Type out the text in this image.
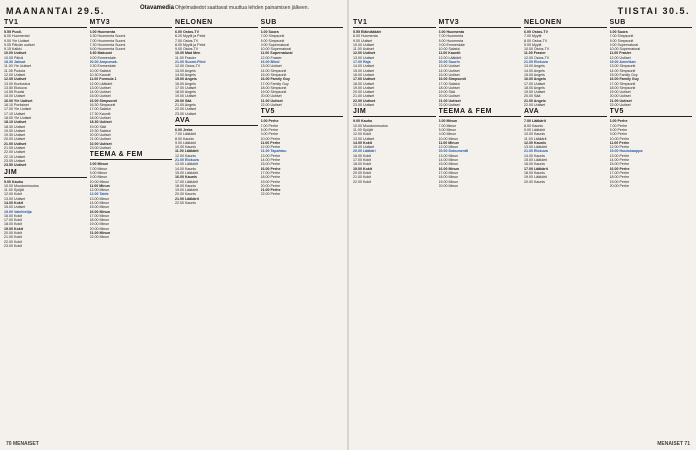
MAANANTAI 29.5.	Otavamedia Ohjelmatiedot saattavat muuttua lehden painamisen jälkeen.
TV1
5.55 Puoli.
6.00 Huomenta!
9.00 Yle Uutiset
9.05 Päivän uutiset
9.15 Kaikki
10.00 Uutiset
10.05 Päivä
18.30 Jaksot
11.00 Yle Uutiset
11.05 Pudota
12.00 Uutiset
12.05 Uutiset
13.00 Kuntoutus
13.50 Elokuva
14.55 Ruotsi
15.00 Uutiset
16.00 Yle Uutiset
16.10 Porilaiset
17.00 Yle Uutiset
17.10 Uutiset
18.00 Yle Uutiset
18.10 Uutiset
18.30 Uutiset
19.00 Uutiset
19.30 Uutiset
20.00 Uutiset
21.00 Uutiset
21.05 Uutiset
22.00 Uutiset
22.15 Uutiset
23.05 Uutiset
23.50 Uutiset
JIM
9.00 Kauhu
10.00 Muodonmuutos
11.00 Syöjät
12.00 Kokit
13.00 Uutiset
14.00 Kokit
15.00 Uutiset
19.00 Valehtelija
16.00 Kokit
17.00 Kokit
18.00 Kokit
19.00 Kokit
20.00 Kokit
21.00 Kokit
22.00 Kokit
23.00 Kokit
MTV3
6.00 Huomenta
6.30 Huomenta Suomi
7.00 Huomenta Suomi
7.30 Huomenta Suomi
8.00 Huomenta Suomi
8.30 Makuuni
9.00 Emmerdale
20.00 Ampumak.
9.30 Emmerdale
10.00 Salatut
10.30 Kauniit
11.00 Formula 1
12.00 Lääkärit
13.00 Uutiset
14.00 Uutiset
15.00 Uutiset
16.00 Simpsonit
16.30 Simpsonit
17.00 Salatut
17.30 Kauniit
18.00 Uutiset
18.30 Uutiset
19.00 Sää
19.30 Salatut
20.00 Uutiset
21.00 Uutiset
22.00 Uutiset
23.00 Uutiset
TEEMA & FEM
6.00 Minun
7.00 Minun
8.00 Minun
9.00 Minun
10.00 Minun
11.00 Minun
12.00 Minun
12.00 Taide
13.00 Minun
14.00 Minun
15.00 Minun
16.00 Minun
17.00 Minun
18.00 Minun
19.00 Minun
20.00 Minun
21.00 Minun
22.00 Minun
NELONEN
6.00 Ostos-TV
6.20 Myytit ja Pelot
7.00 Ostos-TV
8.00 Myytit ja Pelot
9.00 Ostos-TV
10.00 Mad Men
11.00 Frasier
21.00 Suomi-Filmi
12.00 Ostos-TV
13.00 Angels
14.00 Angels
15.00 Angels
16.00 Angels
17.00 Uutiset
18.00 Angels
19.00 Uutiset
20.00 Sää
21.00 Angels
22.00 Uutiset
23.00 Uutiset
AVA
6.00 Jerka
7.00 Lääkärit
8.00 Kaunis
9.00 Lääkärit
10.00 Kaunis
11.00 Lääkärit
12.00 Kaunis
21.00 Elokuva
13.00 Lääkärit
14.00 Kaunis
15.00 Lääkärit
16.00 Kaunis
17.00 Lääkärit
18.00 Kaunis
19.00 Lääkärit
20.00 Kaunis
21.00 Lääkärit
22.00 Kaunis
SUB
6.00 Suora
7.00 Simpsonit
8.00 Simpsonit
9.00 Supernatural
10.00 Supernatural
11.00 Supernatural
12.00 Frasier
16.00 Blind
13.00 Uutiset
14.00 Simpsonit
15.00 Simpsonit
16.00 Family Guy
17.00 Family Guy
18.00 Simpsonit
19.00 Simpsonit
20.00 Uutiset
21.00 Uutiset
22.00 Uutiset
TV5
6.00 Perhe
7.00 Perhe
8.00 Perhe
9.00 Perhe
10.00 Perhe
11.00 Perhe
12.00 Perhe
21.00 Tapahtuu
13.00 Perhe
14.00 Perhe
15.00 Perhe
16.00 Perhe
17.00 Perhe
18.00 Perhe
19.00 Perhe
20.00 Perhe
21.00 Perhe
22.00 Perhe
70 MENAISET
TIISTAI 30.5.
TV1
5.55 Eläinlääkäri
6.00 Huomenta
9.00 Uutiset
10.00 Uutiset
11.00 Uutiset
12.00 Uutiset
13.00 Uutiset
17.00 Raja
14.00 Uutiset
15.00 Uutiset
16.00 Uutiset
17.00 Uutiset
18.00 Uutiset
19.00 Uutiset
20.00 Uutiset
21.00 Uutiset
22.00 Uutiset
23.00 Uutiset
JIM
9.00 Kauhu
10.00 Muodonmuutos
11.00 Syöjät
12.00 Kokit
13.00 Uutiset
14.00 Kokit
15.00 Uutiset
20.00 Lääkäri
16.00 Kokit
17.00 Kokit
18.00 Kokit
19.00 Kokit
20.00 Kokit
21.00 Kokit
22.00 Kokit
MTV3
6.00 Huomenta
7.00 Huomenta
8.00 Huomenta
9.00 Emmerdale
10.00 Salatut
11.00 Kauniit
12.00 Lääkärit
20.00 Suurin
13.00 Uutiset
14.00 Uutiset
15.00 Uutiset
16.00 Simpsonit
17.00 Salatut
18.00 Uutiset
19.00 Sää
20.00 Uutiset
21.00 Uutiset
22.00 Uutiset
TEEMA & FEM
6.00 Minun
7.00 Minun
8.00 Minun
9.00 Minun
10.00 Minun
11.00 Minun
12.00 Minun
20.00 Dokumentti
13.00 Minun
14.00 Minun
15.00 Minun
16.00 Minun
17.00 Minun
18.00 Minun
19.00 Minun
20.00 Minun
NELONEN
6.00 Ostos-TV
7.00 Myytit
8.00 Ostos-TV
9.00 Myytit
10.00 Ostos-TV
11.00 Frasier
12.00 Ostos-TV
21.00 Elokuva
13.00 Angels
14.00 Angels
15.00 Angels
16.00 Angels
17.00 Uutiset
18.00 Angels
19.00 Uutiset
20.00 Sää
21.00 Angels
22.00 Uutiset
AVA
7.00 Lääkärit
8.00 Kaunis
9.00 Lääkärit
10.00 Kaunis
11.00 Lääkärit
12.00 Kaunis
13.00 Lääkärit
21.00 Elokuva
14.00 Kaunis
15.00 Lääkärit
16.00 Kaunis
17.00 Lääkärit
18.00 Kaunis
19.00 Lääkärit
20.00 Kaunis
SUB
6.00 Suora
7.00 Simpsonit
8.00 Simpsonit
9.00 Supernatural
10.00 Supernatural
11.00 Frasier
12.00 Uutiset
19.00 Amerikan
13.00 Simpsonit
14.00 Simpsonit
15.00 Family Guy
16.00 Family Guy
17.00 Simpsonit
18.00 Simpsonit
19.00 Uutiset
20.00 Uutiset
21.00 Uutiset
22.00 Uutiset
TV5
6.00 Perhe
7.00 Perhe
8.00 Perhe
9.00 Perhe
10.00 Perhe
11.00 Perhe
12.00 Perhe
19.00 Huutokauppa
13.00 Perhe
14.00 Perhe
15.00 Perhe
16.00 Perhe
17.00 Perhe
18.00 Perhe
19.00 Perhe
20.00 Perhe
MENAISET 71
